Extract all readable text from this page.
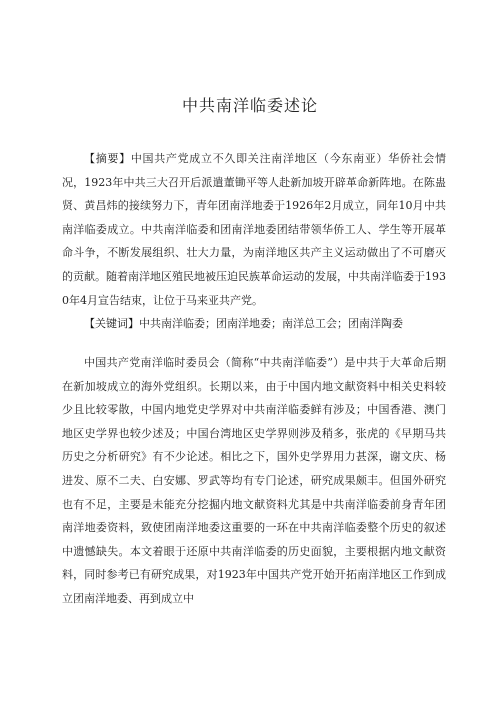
中共南洋临委述论

【摘要】中国共产党成立不久即关注南洋地区（今东南亚）华侨社会情况，1923年中共三大召开后派遣董锄平等人赴新加坡开辟革命新阵地。在陈蛊贤、黄昌炜的接续努力下，青年团南洋地委于1926年2月成立，同年10月中共南洋临委成立。中共南洋临委和团南洋地委团结带领华侨工人、学生等开展革命斗争，不断发展组织、壮大力量，为南洋地区共产主义运动做出了不可磨灭的贡献。随着南洋地区殖民地被压迫民族革命运动的发展，中共南洋临委于1930年4月宣告结束，让位于马来亚共产党。

【关键词】中共南洋临委；团南洋地委；南洋总工会；团南洋陶委

中国共产党南洋临时委员会（简称“中共南洋临委”）是中共于大革命后期在新加坡成立的海外党组织。长期以来，由于中国内地文献资料中相关史料较少且比较零散，中国内地党史学界对中共南洋临委鲜有涉及；中国香港、澳门地区史学界也较少述及；中国台湾地区史学界则涉及稍多，张虎的《早期马共历史之分析研究》有不少论述。相比之下，国外史学界用力甚深，谢文庆、杨进发、原不二夫、白安娜、罗武等均有专门论述，研究成果颇丰。但国外研究也有不足，主要是未能充分挖掘内地文献资料尤其是中共南洋临委前身青年团南洋地委资料，致使团南洋地委这重要的一环在中共南洋临委整个历史的叙述中遗憾缺失。本文着眼于还原中共南洋临委的历史面貌，主要根据内地文献资料，同时参考已有研究成果，对1923年中国共产党开始开拓南洋地区工作到成立团南洋地委、再到成立中
